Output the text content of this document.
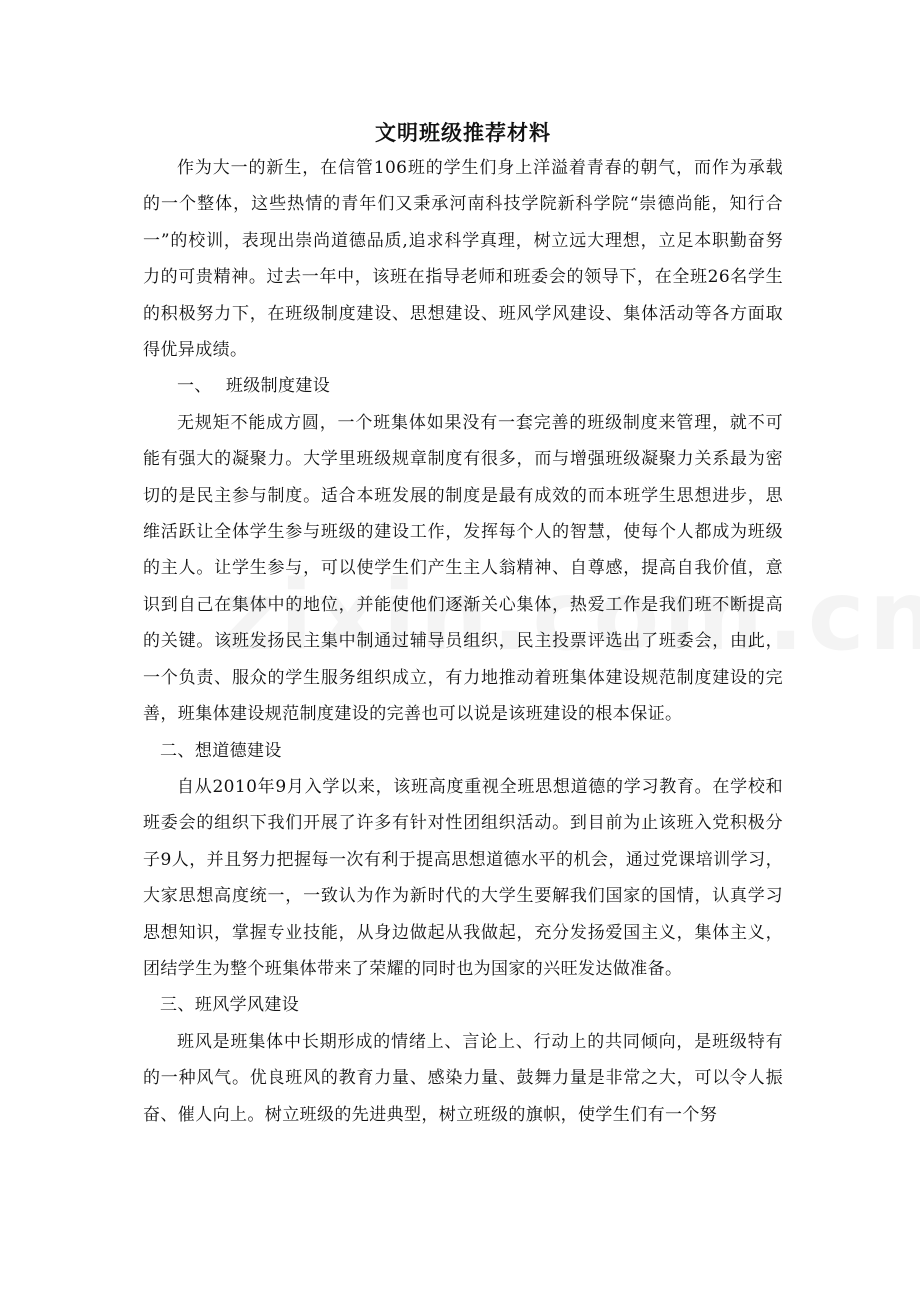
文明班级推荐材料

作为大一的新生，在信管106班的学生们身上洋溢着青春的朝气，而作为承载的一个整体，这些热情的青年们又秉承河南科技学院新科学院“崇德尚能，知行合一”的校训，表现出崇尚道德品质,追求科学真理，树立远大理想，立足本职勤奋努力的可贵精神。过去一年中，该班在指导老师和班委会的领导下，在全班26名学生的积极努力下，在班级制度建设、思想建设、班风学风建设、集体活动等各方面取得优异成绩。

一、 班级制度建设

无规矩不能成方圆，一个班集体如果没有一套完善的班级制度来管理，就不可能有强大的凝聚力。大学里班级规章制度有很多，而与增强班级凝聚力关系最为密切的是民主参与制度。适合本班发展的制度是最有成效的而本班学生思想进步，思维活跃让全体学生参与班级的建设工作，发挥每个人的智慧，使每个人都成为班级的主人。让学生参与，可以使学生们产生主人翁精神、自尊感，提高自我价值，意识到自己在集体中的地位，并能使他们逐渐关心集体，热爱工作是我们班不断提高的关键。该班发扬民主集中制通过辅导员组织，民主投票评选出了班委会，由此，一个负责、服众的学生服务组织成立，有力地推动着班集体建设规范制度建设的完善，班集体建设规范制度建设的完善也可以说是该班建设的根本保证。

二、想道德建设

自从2010年9月入学以来，该班高度重视全班思想道德的学习教育。在学校和班委会的组织下我们开展了许多有针对性团组织活动。到目前为止该班入党积极分子9人，并且努力把握每一次有利于提高思想道德水平的机会，通过党课培训学习，大家思想高度统一，一致认为作为新时代的大学生要解我们国家的国情，认真学习思想知识，掌握专业技能，从身边做起从我做起，充分发扬爱国主义，集体主义，团结学生为整个班集体带来了荣耀的同时也为国家的兴旺发达做准备。

三、班风学风建设

班风是班集体中长期形成的情绪上、言论上、行动上的共同倾向，是班级特有的一种风气。优良班风的教育力量、感染力量、鼓舞力量是非常之大，可以令人振奋、催人向上。树立班级的先进典型，树立班级的旗帜，使学生们有一个努
